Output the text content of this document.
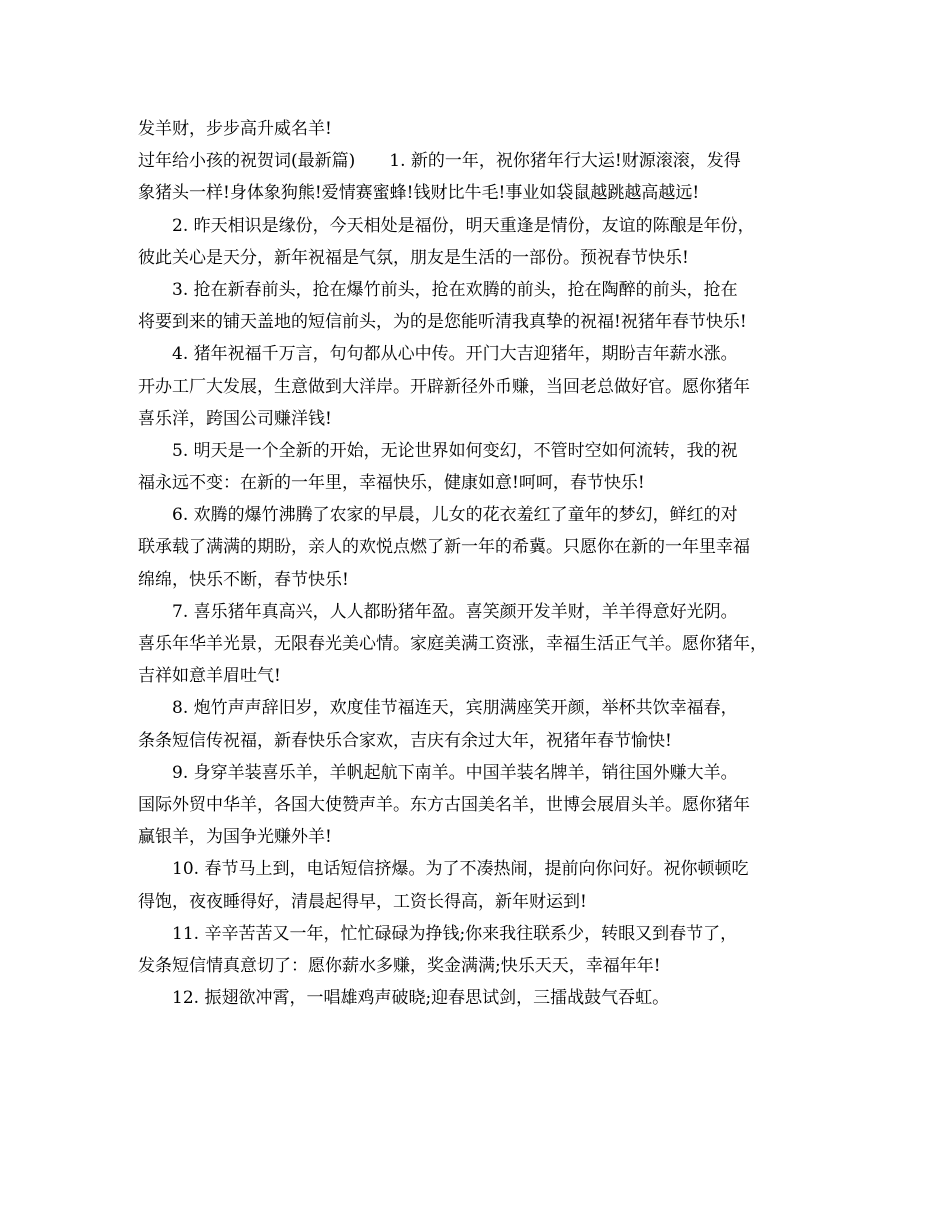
发羊财，步步高升威名羊!
过年给小孩的祝贺词(最新篇)　　1. 新的一年，祝你猪年行大运!财源滚滚，发得
象猪头一样!身体象狗熊!爱情赛蜜蜂!钱财比牛毛!事业如袋鼠越跳越高越远!
2. 昨天相识是缘份，今天相处是福份，明天重逢是情份，友谊的陈酿是年份，
彼此关心是天分，新年祝福是气氛，朋友是生活的一部份。预祝春节快乐!
3. 抢在新春前头，抢在爆竹前头，抢在欢腾的前头，抢在陶醉的前头，抢在
将要到来的铺天盖地的短信前头，为的是您能听清我真挚的祝福!祝猪年春节快乐!
4. 猪年祝福千万言，句句都从心中传。开门大吉迎猪年，期盼吉年薪水涨。
开办工厂大发展，生意做到大洋岸。开辟新径外币赚，当回老总做好官。愿你猪年
喜乐洋，跨国公司赚洋钱!
5. 明天是一个全新的开始，无论世界如何变幻，不管时空如何流转，我的祝
福永远不变：在新的一年里，幸福快乐，健康如意!呵呵，春节快乐!
6. 欢腾的爆竹沸腾了农家的早晨，儿女的花衣羞红了童年的梦幻，鲜红的对
联承载了满满的期盼，亲人的欢悦点燃了新一年的希冀。只愿你在新的一年里幸福
绵绵，快乐不断，春节快乐!
7. 喜乐猪年真高兴，人人都盼猪年盈。喜笑颜开发羊财，羊羊得意好光阴。
喜乐年华羊光景，无限春光美心情。家庭美满工资涨，幸福生活正气羊。愿你猪年，
吉祥如意羊眉吐气!
8. 炮竹声声辞旧岁，欢度佳节福连天，宾朋满座笑开颜，举杯共饮幸福春，
条条短信传祝福，新春快乐合家欢，吉庆有余过大年，祝猪年春节愉快!
9. 身穿羊装喜乐羊，羊帆起航下南羊。中国羊装名牌羊，销往国外赚大羊。
国际外贸中华羊，各国大使赞声羊。东方古国美名羊，世博会展眉头羊。愿你猪年
赢银羊，为国争光赚外羊!
10. 春节马上到，电话短信挤爆。为了不凑热闹，提前向你问好。祝你顿顿吃
得饱，夜夜睡得好，清晨起得早，工资长得高，新年财运到!
11. 辛辛苦苦又一年，忙忙碌碌为挣钱;你来我往联系少，转眼又到春节了，
发条短信情真意切了：愿你薪水多赚，奖金满满;快乐天天，幸福年年!
12. 振翅欲冲霄，一唱雄鸡声破晓;迎春思试剑，三擂战鼓气吞虹。
